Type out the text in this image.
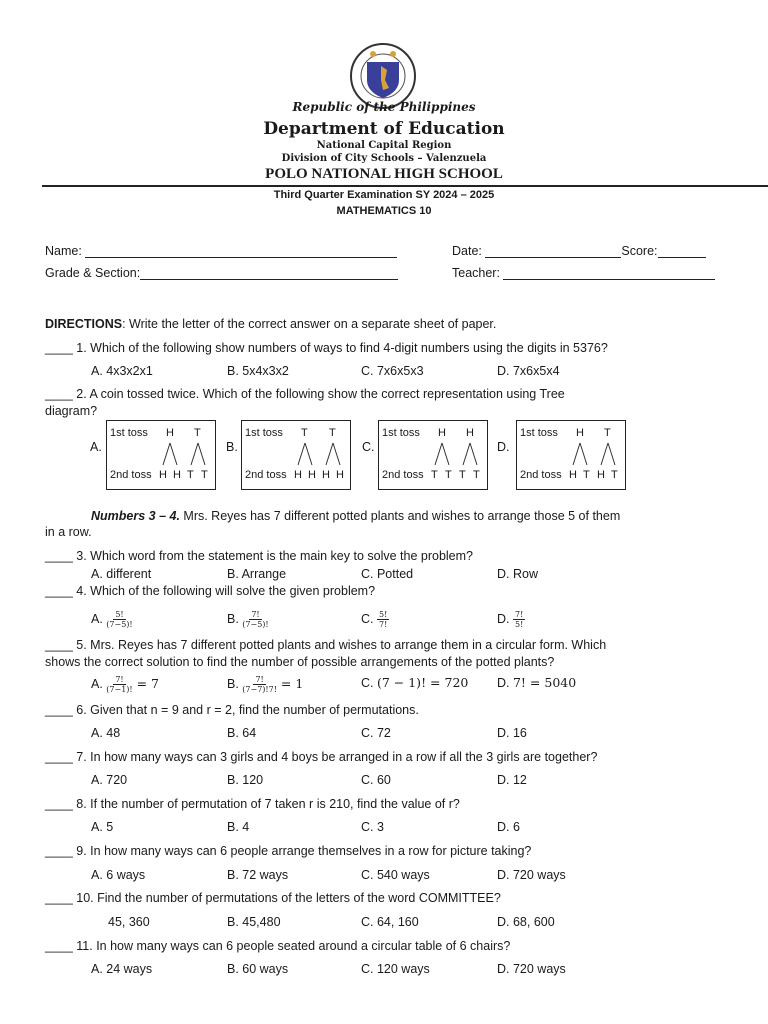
Republic of the Philippines
Department of Education
National Capital Region
Division of City Schools – Valenzuela
POLO NATIONAL HIGH SCHOOL
Third Quarter Examination SY 2024 – 2025
MATHEMATICS 10
Name:
Grade & Section:
Date:	Score:
Teacher:
DIRECTIONS: Write the letter of the correct answer on a separate sheet of paper.
____ 1. Which of the following show numbers of ways to find 4-digit numbers using the digits in 5376?
A. 4x3x2x1	B. 5x4x3x2	C. 7x6x5x3	D. 7x6x5x4
____ 2. A coin tossed twice. Which of the following show the correct representation using Tree
diagram?
A.
1st toss
2nd toss
H T
H H T T
B.
1st toss
2nd toss
T T
H H H H
C.
1st toss
2nd toss
H H
T T T T
D.
1st toss
2nd toss
H T
H T H T
Numbers 3 – 4. Mrs. Reyes has 7 different potted plants and wishes to arrange those 5 of them
in a row.
____ 3. Which word from the statement is the main key to solve the problem?
A. different	B. Arrange	C. Potted	D. Row
____ 4. Which of the following will solve the given problem?
A. $\frac{5!}{(7-5)!}$	B. $\frac{7!}{(7-5)!}$	C. $\frac{5!}{7!}$	D. $\frac{7!}{5!}$
____ 5. Mrs. Reyes has 7 different potted plants and wishes to arrange them in a circular form. Which
shows the correct solution to find the number of possible arrangements of the potted plants?
A. $\frac{7!}{(7-1)!} = 7$	B. $\frac{7!}{(7-7)!7!} = 1$	C. (7 − 1)! = 720 D. 7! = 5040
____ 6. Given that n = 9 and r = 2, find the number of permutations.
A. 48	B. 64	C. 72	D. 16
____ 7. In how many ways can 3 girls and 4 boys be arranged in a row if all the 3 girls are together?
A. 720	B. 120	C. 60	D. 12
____ 8. If the number of permutation of 7 taken r is 210, find the value of r?
A. 5	B. 4	C. 3	D. 6
____ 9. In how many ways can 6 people arrange themselves in a row for picture taking?
A. 6 ways	B. 72 ways	C. 540 ways	D. 720 ways
____ 10. Find the number of permutations of the letters of the word COMMITTEE?
45, 360	B. 45,480	C. 64, 160	D. 68, 600
____ 11. In how many ways can 6 people seated around a circular table of 6 chairs?
A. 24 ways	B. 60 ways	C. 120 ways	D. 720 ways
